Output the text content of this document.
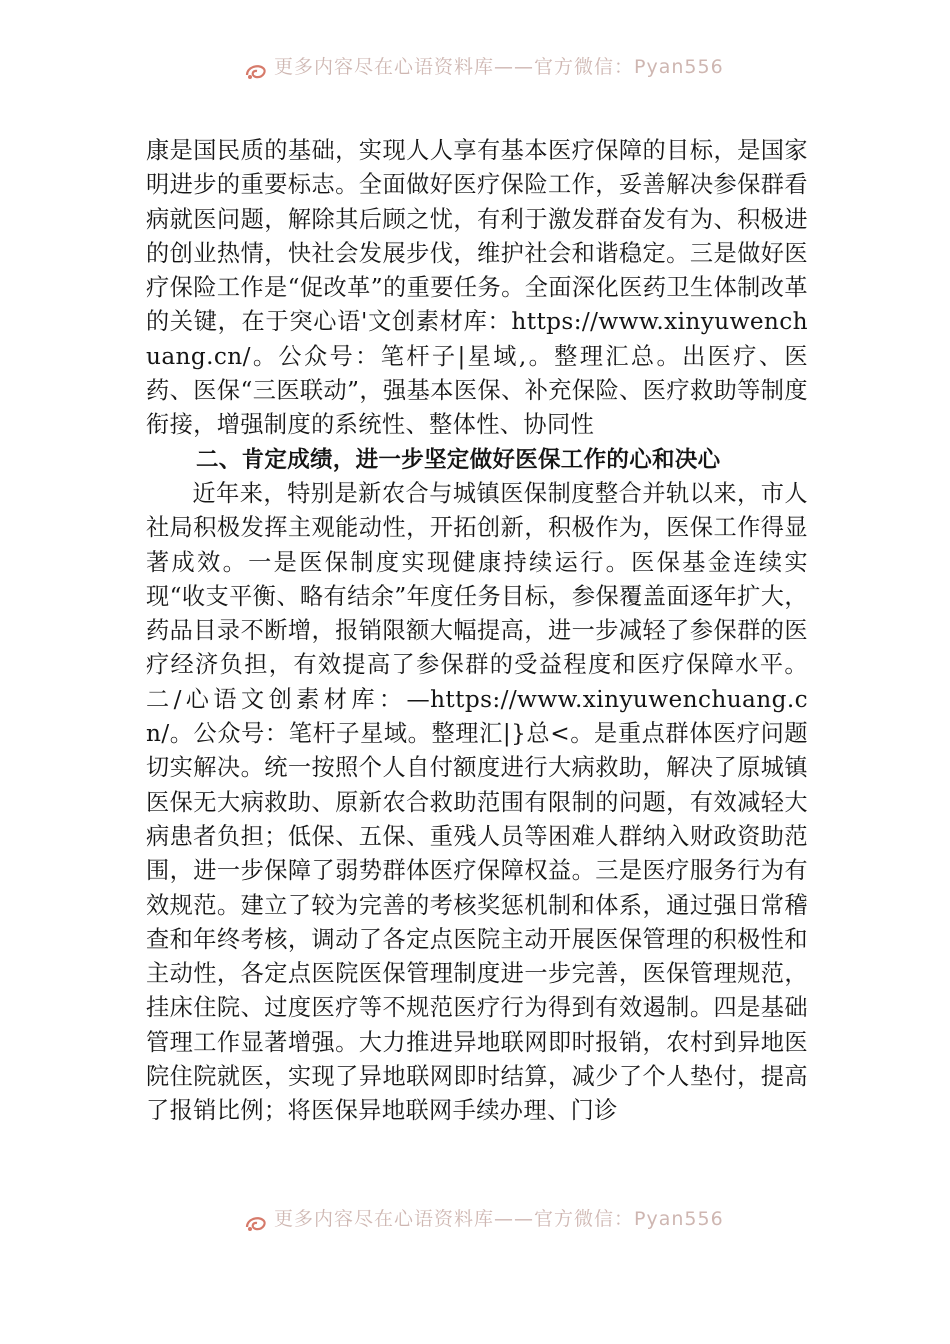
更多内容尽在心语资料库——官方微信：Pyan556

康是国民质的基础，实现人人享有基本医疗保障的目标，是国家明进步的重要标志。全面做好医疗保险工作，妥善解决参保群看病就医问题，解除其后顾之忧，有利于激发群奋发有为、积极进的创业热情，快社会发展步伐，维护社会和谐稳定。三是做好医疗保险工作是“促改革”的重要任务。全面深化医药卫生体制改革的关键，在于突心语'文创素材库：https://www.xinyuwenchuang.cn/。公众号：笔杆子|星域,。整理汇总。出医疗、医药、医保“三医联动”，强基本医保、补充保险、医疗救助等制度衔接，增强制度的系统性、整体性、协同性

二、肯定成绩，进一步坚定做好医保工作的心和决心

近年来，特别是新农合与城镇医保制度整合并轨以来，市人社局积极发挥主观能动性，开拓创新，积极作为，医保工作得显著成效。一是医保制度实现健康持续运行。医保基金连续实现“收支平衡、略有结余”年度任务目标，参保覆盖面逐年扩大，药品目录不断增，报销限额大幅提高，进一步减轻了参保群的医疗经济负担，有效提高了参保群的受益程度和医疗保障水平。二/心语文创素材库：—https://www.xinyuwenchuang.cn/。公众号：笔杆子星域。整理汇|}总<。是重点群体医疗问题切实解决。统一按照个人自付额度进行大病救助，解决了原城镇医保无大病救助、原新农合救助范围有限制的问题，有效减轻大病患者负担；低保、五保、重残人员等困难人群纳入财政资助范围，进一步保障了弱势群体医疗保障权益。三是医疗服务行为有效规范。建立了较为完善的考核奖惩机制和体系，通过强日常稽查和年终考核，调动了各定点医院主动开展医保管理的积极性和主动性，各定点医院医保管理制度进一步完善，医保管理规范，挂床住院、过度医疗等不规范医疗行为得到有效遏制。四是基础管理工作显著增强。大力推进异地联网即时报销，农村到异地医院住院就医，实现了异地联网即时结算，减少了个人垫付，提高了报销比例；将医保异地联网手续办理、门诊

更多内容尽在心语资料库——官方微信：Pyan556
